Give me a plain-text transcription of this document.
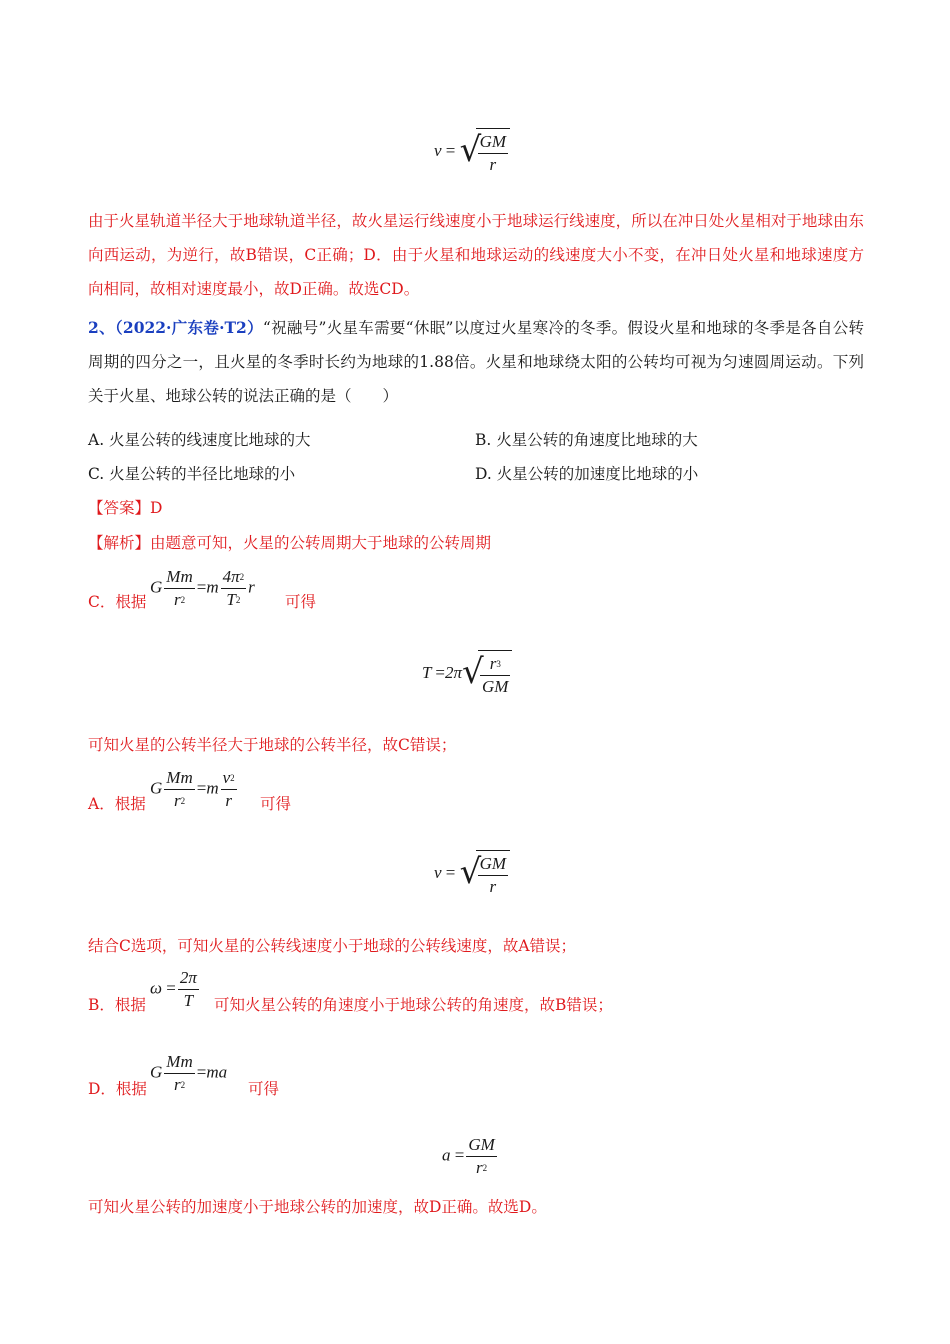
v = √
$\frac{GM}{r}$
由于火星轨道半径大于地球轨道半径，故火星运行线速度小于地球运行线速度，所以在冲日处火星相对于地球由东向西运动，为逆行，故B错误，C正确；D．由于火星和地球运动的线速度大小不变，在冲日处火星和地球速度方向相同，故相对速度最小，故D正确。故选CD。
2、（2022·广东卷·T2）“祝融号”火星车需要“休眠”以度过火星寒冷的冬季。假设火星和地球的冬季是各自公转周期的四分之一，且火星的冬季时长约为地球的1.88倍。火星和地球绕太阳的公转均可视为匀速圆周运动。下列关于火星、地球公转的说法正确的是（　　）
A. 火星公转的线速度比地球的大	B. 火星公转的角速度比地球的大
C. 火星公转的半径比地球的小	D. 火星公转的加速度比地球的小
【答案】D
【解析】由题意可知，火星的公转周期大于地球的公转周期
C．根据
G $\frac{Mm}{r^2} =m \frac{4\pi^2}{T^2}$ r
可得
T =2π √
$\frac{r^3}{GM}$
可知火星的公转半径大于地球的公转半径，故C错误；
A．根据
G $\frac{Mm}{r^2} =m \frac{v^2}{r}$ 可得
v = √
$\frac{GM}{r}$
结合C选项，可知火星的公转线速度小于地球的公转线速度，故A错误；
B．根据
$\omega = \frac{2\pi}{T}$ 可知火星公转的角速度小于地球公转的角速度，故B错误；
D．根据
G $\frac{Mm}{r^2} =ma$
可得
$a = \frac{GM}{r^2}$
可知火星公转的加速度小于地球公转的加速度，故D正确。故选D。
